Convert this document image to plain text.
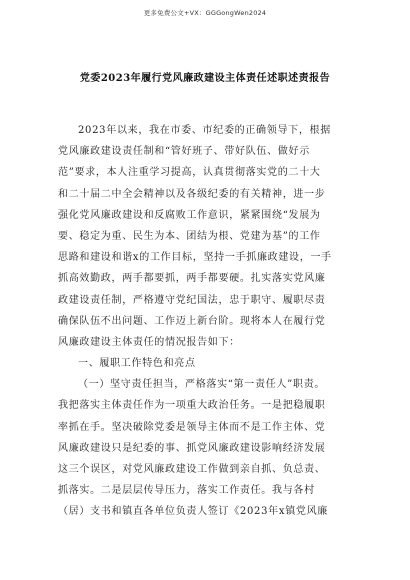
更多免费公文+VX：GGGongWen2024
党委2023年履行党风廉政建设主体责任述职述责报告
2023年以来，我在市委、市纪委的正确领导下，根据
党风廉政建设责任制和“管好班子、带好队伍、做好示
范”要求，本人注重学习提高，认真贯彻落实党的二十大
和二十届二中全会精神以及各级纪委的有关精神，进一步
强化党风廉政建设和反腐败工作意识，紧紧围绕“发展为
要、稳定为重、民生为本、团结为根、党建为基”的工作
思路和建设和谐x的工作目标，坚持一手抓廉政建设，一手
抓高效勤政，两手都要抓，两手都要硬。扎实落实党风廉
政建设责任制，严格遵守党纪国法，忠于职守、履职尽责
确保队伍不出问题、工作迈上新台阶。现将本人在履行党
风廉政建设主体责任的情况报告如下：
一、履职工作特色和亮点
（一）坚守责任担当，严格落实“第一责任人”职责。
我把落实主体责任作为一项重大政治任务。一是把稳履职
率抓在手。坚决破除党委是领导主体而不是工作主体、党
风廉政建设只是纪委的事、抓党风廉政建设影响经济发展
这三个误区，对党风廉政建设工作做到亲自抓、负总责、
抓落实。二是层层传导压力，落实工作责任。我与各村
（居）支书和镇直各单位负责人签订《2023年x镇党风廉
